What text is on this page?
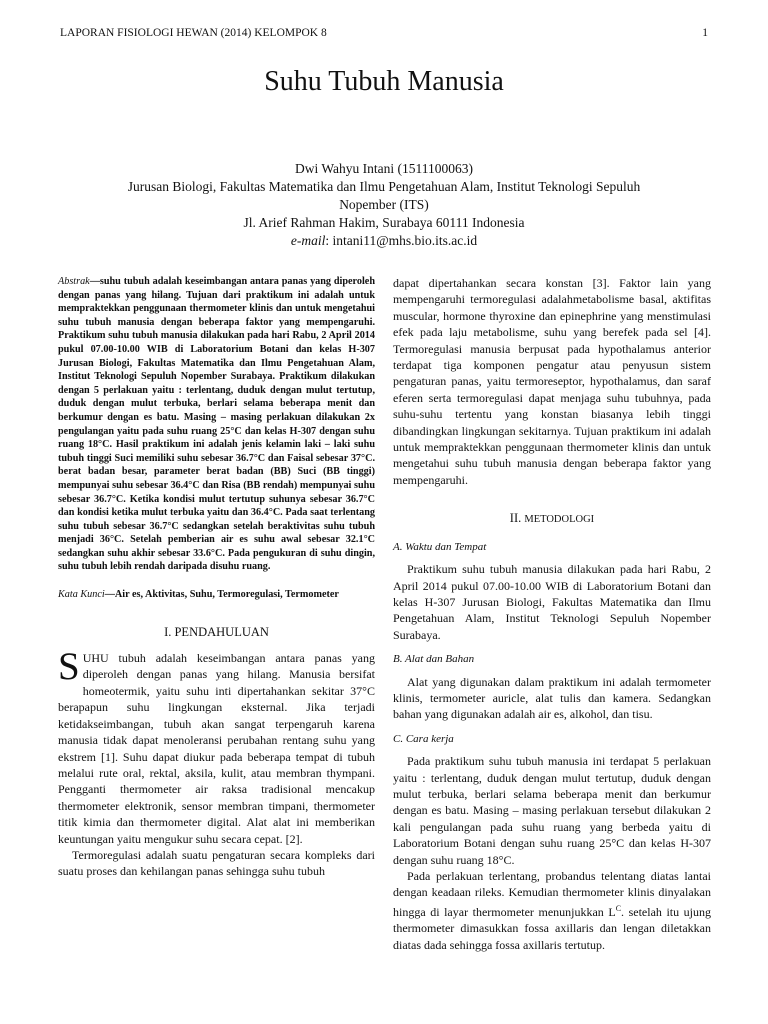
LAPORAN FISIOLOGI HEWAN (2014) KELOMPOK 8	1
Suhu Tubuh Manusia
Dwi Wahyu Intani (1511100063)
Jurusan Biologi, Fakultas Matematika dan Ilmu Pengetahuan Alam, Institut Teknologi Sepuluh Nopember (ITS)
Jl. Arief Rahman Hakim, Surabaya 60111 Indonesia
e-mail: intani11@mhs.bio.its.ac.id
Abstrak—suhu tubuh adalah keseimbangan antara panas yang diperoleh dengan panas yang hilang. Tujuan dari praktikum ini adalah untuk mempraktekkan penggunaan thermometer klinis dan untuk mengetahui suhu tubuh manusia dengan beberapa faktor yang mempengaruhi. Praktikum suhu tubuh manusia dilakukan pada hari Rabu, 2 April 2014 pukul 07.00-10.00 WIB di Laboratorium Botani dan kelas H-307 Jurusan Biologi, Fakultas Matematika dan Ilmu Pengetahuan Alam, Institut Teknologi Sepuluh Nopember Surabaya. Praktikum dilakukan dengan 5 perlakuan yaitu : terlentang, duduk dengan mulut tertutup, duduk dengan mulut terbuka, berlari selama beberapa menit dan berkumur dengan es batu. Masing – masing perlakuan dilakukan 2x pengulangan yaitu pada suhu ruang 25°C dan kelas H-307 dengan suhu ruang 18°C. Hasil praktikum ini adalah jenis kelamin laki – laki suhu tubuh tinggi Suci memiliki suhu sebesar 36.7°C dan Faisal sebesar 37°C. berat badan besar, parameter berat badan (BB) Suci (BB tinggi) mempunyai suhu sebesar 36.4°C dan Risa (BB rendah) mempunyai suhu sebesar 36.7°C. Ketika kondisi mulut tertutup suhunya sebesar 36.7°C dan kondisi ketika mulut terbuka yaitu dan 36.4°C. Pada saat terlentang suhu tubuh sebesar 36.7°C sedangkan setelah beraktivitas suhu tubuh menjadi 36°C. Setelah pemberian air es suhu awal sebesar 32.1°C sedangkan suhu akhir sebesar 33.6°C. Pada pengukuran di suhu dingin, suhu tubuh lebih rendah daripada disuhu ruang.
Kata Kunci—Air es, Aktivitas, Suhu, Termoregulasi, Termometer
I. PENDAHULUAN

SUHU tubuh adalah keseimbangan antara panas yang diperoleh dengan panas yang hilang. Manusia bersifat homeotermik, yaitu suhu inti dipertahankan sekitar 37°C berapapun suhu lingkungan eksternal. Jika terjadi ketidakseimbangan, tubuh akan sangat terpengaruh karena manusia tidak dapat menoleransi perubahan rentang suhu yang ekstrem [1]. Suhu dapat diukur pada beberapa tempat di tubuh melalui rute oral, rektal, aksila, kulit, atau membran thympani. Pengganti thermometer air raksa tradisional mencakup thermometer elektronik, sensor membran timpani, thermometer titik kimia dan thermometer digital. Alat alat ini memberikan keuntungan yaitu mengukur suhu secara cepat. [2].

Termoregulasi adalah suatu pengaturan secara kompleks dari suatu proses dan kehilangan panas sehingga suhu tubuh

dapat dipertahankan secara konstan [3]. Faktor lain yang mempengaruhi termoregulasi adalahmetabolisme basal, aktifitas muscular, hormone thyroxine dan epinephrine yang menstimulasi efek pada laju metabolisme, suhu yang berefek pada sel [4]. Termoregulasi manusia berpusat pada hypothalamus anterior terdapat tiga komponen pengatur atau penyusun sistem pengaturan panas, yaitu termoreseptor, hypothalamus, dan saraf eferen serta termoregulasi dapat menjaga suhu tubuhnya, pada suhu-suhu tertentu yang konstan biasanya lebih tinggi dibandingkan lingkungan sekitarnya. Tujuan praktikum ini adalah untuk mempraktekkan penggunaan thermometer klinis dan untuk mengetahui suhu tubuh manusia dengan beberapa faktor yang mempengaruhi.

II. METODOLOGI
A. Waktu dan Tempat

Praktikum suhu tubuh manusia dilakukan pada hari Rabu, 2 April 2014 pukul 07.00-10.00 WIB di Laboratorium Botani dan kelas H-307 Jurusan Biologi, Fakultas Matematika dan Ilmu Pengetahuan Alam, Institut Teknologi Sepuluh Nopember Surabaya.

B. Alat dan Bahan

Alat yang digunakan dalam praktikum ini adalah termometer klinis, termometer auricle, alat tulis dan kamera. Sedangkan bahan yang digunakan adalah air es, alkohol, dan tisu.

C. Cara kerja

Pada praktikum suhu tubuh manusia ini terdapat 5 perlakuan yaitu : terlentang, duduk dengan mulut tertutup, duduk dengan mulut terbuka, berlari selama beberapa menit dan berkumur dengan es batu. Masing – masing perlakuan tersebut dilakukan 2 kali pengulangan pada suhu ruang yang berbeda yaitu di Laboratorium Botani dengan suhu ruang 25°C dan kelas H-307 dengan suhu ruang 18°C.

Pada perlakuan terlentang, probandus telentang diatas lantai dengan keadaan rileks. Kemudian thermometer klinis dinyalakan hingga di layar thermometer menunjukkan $L^C$. setelah itu ujung thermometer dimasukkan fossa axillaris dan lengan diletakkan diatas dada sehingga fossa axillaris tertutup.
